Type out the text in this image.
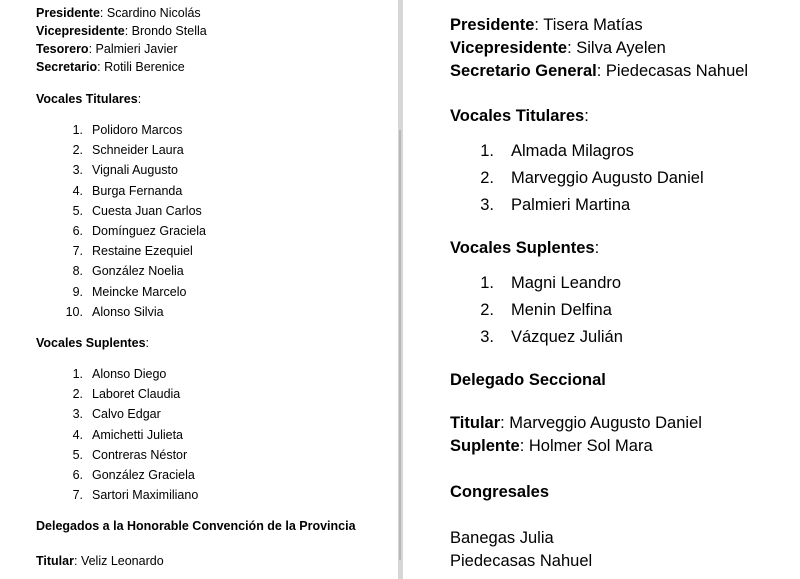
Presidente: Scardino Nicolás
Vicepresidente: Brondo Stella
Tesorero: Palmieri Javier
Secretario: Rotili Berenice
Vocales Titulares:
1. Polidoro Marcos
2. Schneider Laura
3. Vignali Augusto
4. Burga Fernanda
5. Cuesta Juan Carlos
6. Domínguez Graciela
7. Restaine Ezequiel
8. González Noelia
9. Meincke Marcelo
10. Alonso Silvia
Vocales Suplentes:
1. Alonso Diego
2. Laboret Claudia
3. Calvo Edgar
4. Amichetti Julieta
5. Contreras Néstor
6. González Graciela
7. Sartori Maximiliano
Delegados a la Honorable Convención de la Provincia
Titular: Veliz Leonardo
Presidente: Tisera Matías
Vicepresidente: Silva Ayelen
Secretario General: Piedecasas Nahuel
Vocales Titulares:
1. Almada Milagros
2. Marveggio Augusto Daniel
3. Palmieri Martina
Vocales Suplentes:
1. Magni Leandro
2. Menin Delfina
3. Vázquez Julián
Delegado Seccional
Titular: Marveggio Augusto Daniel
Suplente: Holmer Sol Mara
Congresales
Banegas Julia
Piedecasas Nahuel
